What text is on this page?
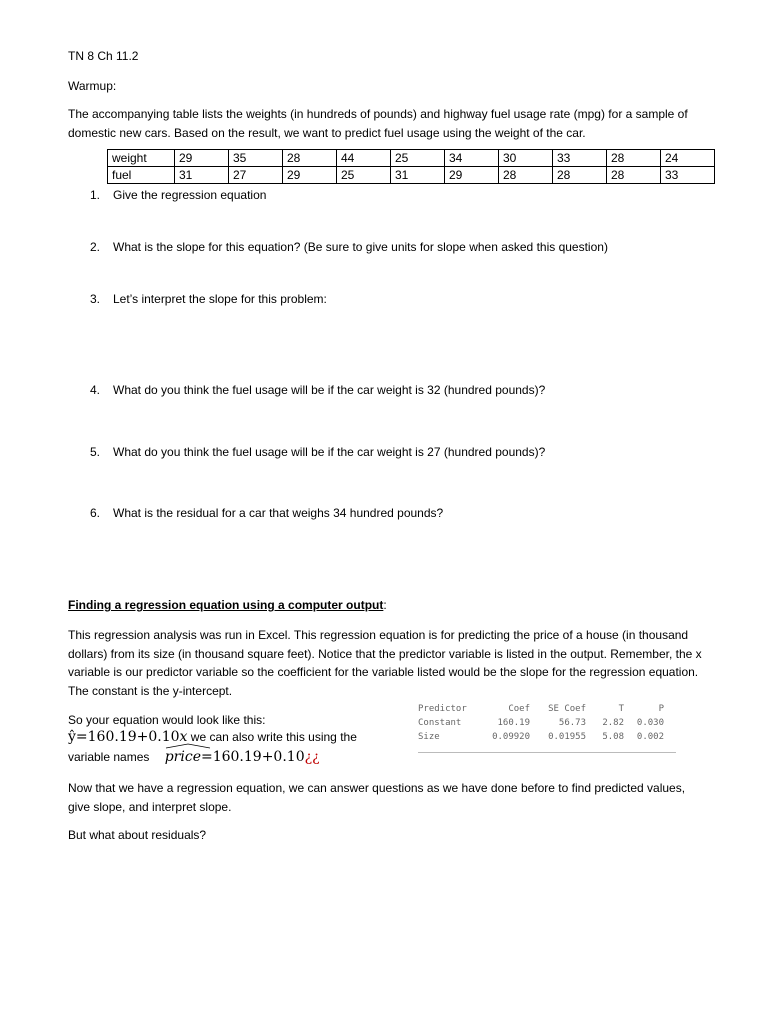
TN 8 Ch 11.2
Warmup:
The accompanying table lists the weights (in hundreds of pounds) and highway fuel usage rate (mpg) for a sample of domestic new cars. Based on the result, we want to predict fuel usage using the weight of the car.
weight	29	35	28	44	25	34	30	33	28	24
fuel	31	27	29	25	31	29	28	28	28	33
1. Give the regression equation
2. What is the slope for this equation? (Be sure to give units for slope when asked this question)
3. Let’s interpret the slope for this problem:
4. What do you think the fuel usage will be if the car weight is 32 (hundred pounds)?
5. What do you think the fuel usage will be if the car weight is 27 (hundred pounds)?
6. What is the residual for a car that weighs 34 hundred pounds?
Finding a regression equation using a computer output:
This regression analysis was run in Excel. This regression equation is for predicting the price of a house (in thousand dollars) from its size (in thousand square feet). Notice that the predictor variable is listed in the output. Remember, the x variable is our predictor variable so the coefficient for the variable listed would be the slope for the regression equation. The constant is the y-intercept.
So your equation would look like this:
ŷ=160.19+0.10x we can also write this using the
variable names price=160.19+0.10¿¿
Predictor	Coef	SE Coef	T	P
Constant	160.19	56.73	2.82	0.030
Size	0.09920	0.01955	5.08	0.002
Now that we have a regression equation, we can answer questions as we have done before to find predicted values, give slope, and interpret slope.
But what about residuals?
